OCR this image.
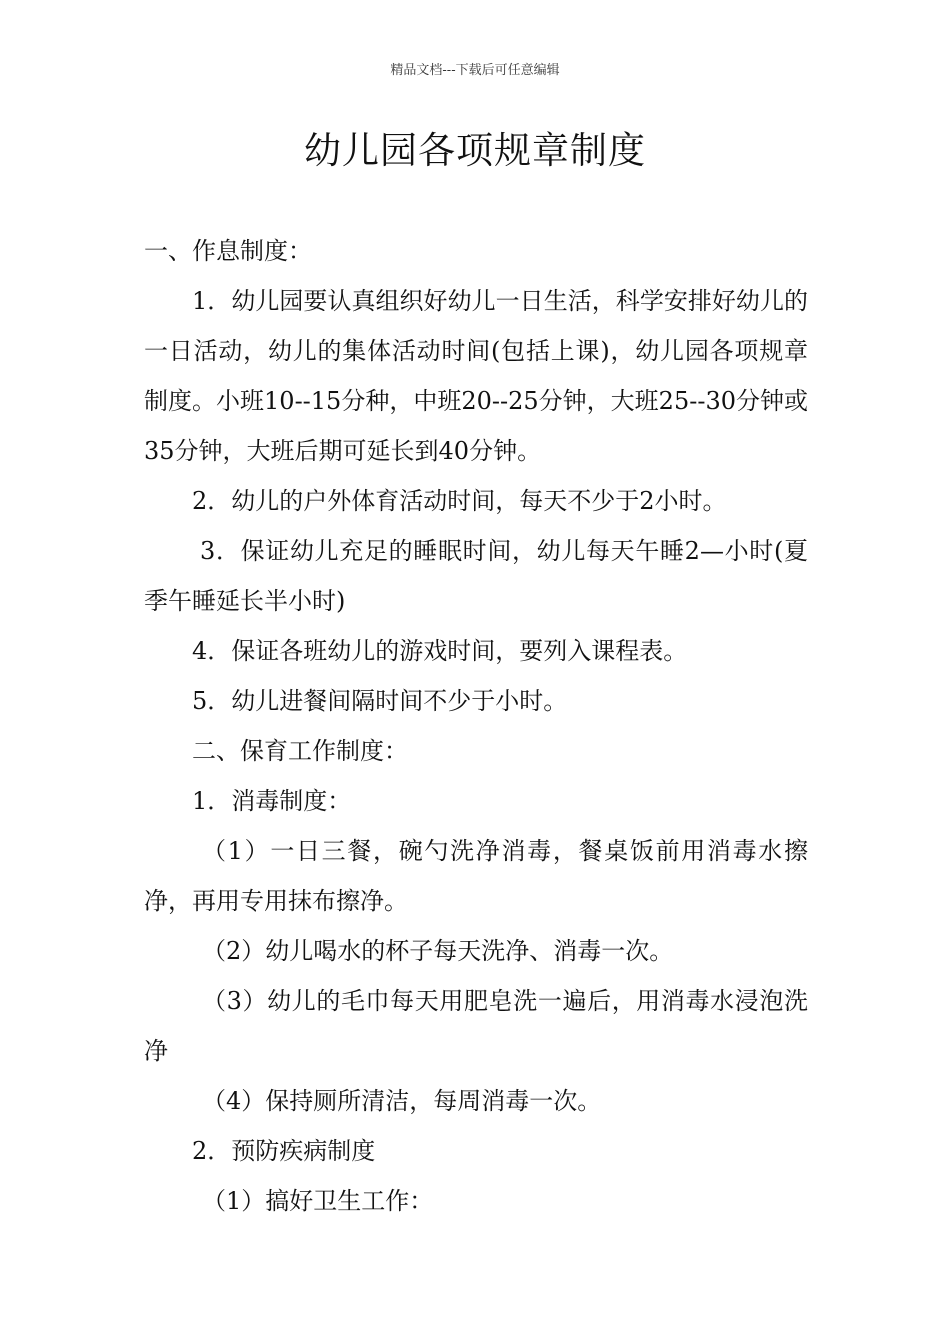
精品文档---下载后可任意编辑
幼儿园各项规章制度

一、作息制度：

1．幼儿园要认真组织好幼儿一日生活，科学安排好幼儿的一日活动，幼儿的集体活动时间(包括上课)，幼儿园各项规章制度。小班10--15分种，中班20--25分钟，大班25--30分钟或35分钟，大班后期可延长到40分钟。

2．幼儿的户外体育活动时间，每天不少于2小时。

3．保证幼儿充足的睡眠时间，幼儿每天午睡2—小时(夏季午睡延长半小时)

4．保证各班幼儿的游戏时间，要列入课程表。

5．幼儿进餐间隔时间不少于小时。

二、保育工作制度：

1．消毒制度：

（1）一日三餐，碗勺洗净消毒，餐桌饭前用消毒水擦净，再用专用抹布擦净。

（2）幼儿喝水的杯子每天洗净、消毒一次。

（3）幼儿的毛巾每天用肥皂洗一遍后，用消毒水浸泡洗净

（4）保持厕所清洁，每周消毒一次。

2．预防疾病制度

（1）搞好卫生工作：
